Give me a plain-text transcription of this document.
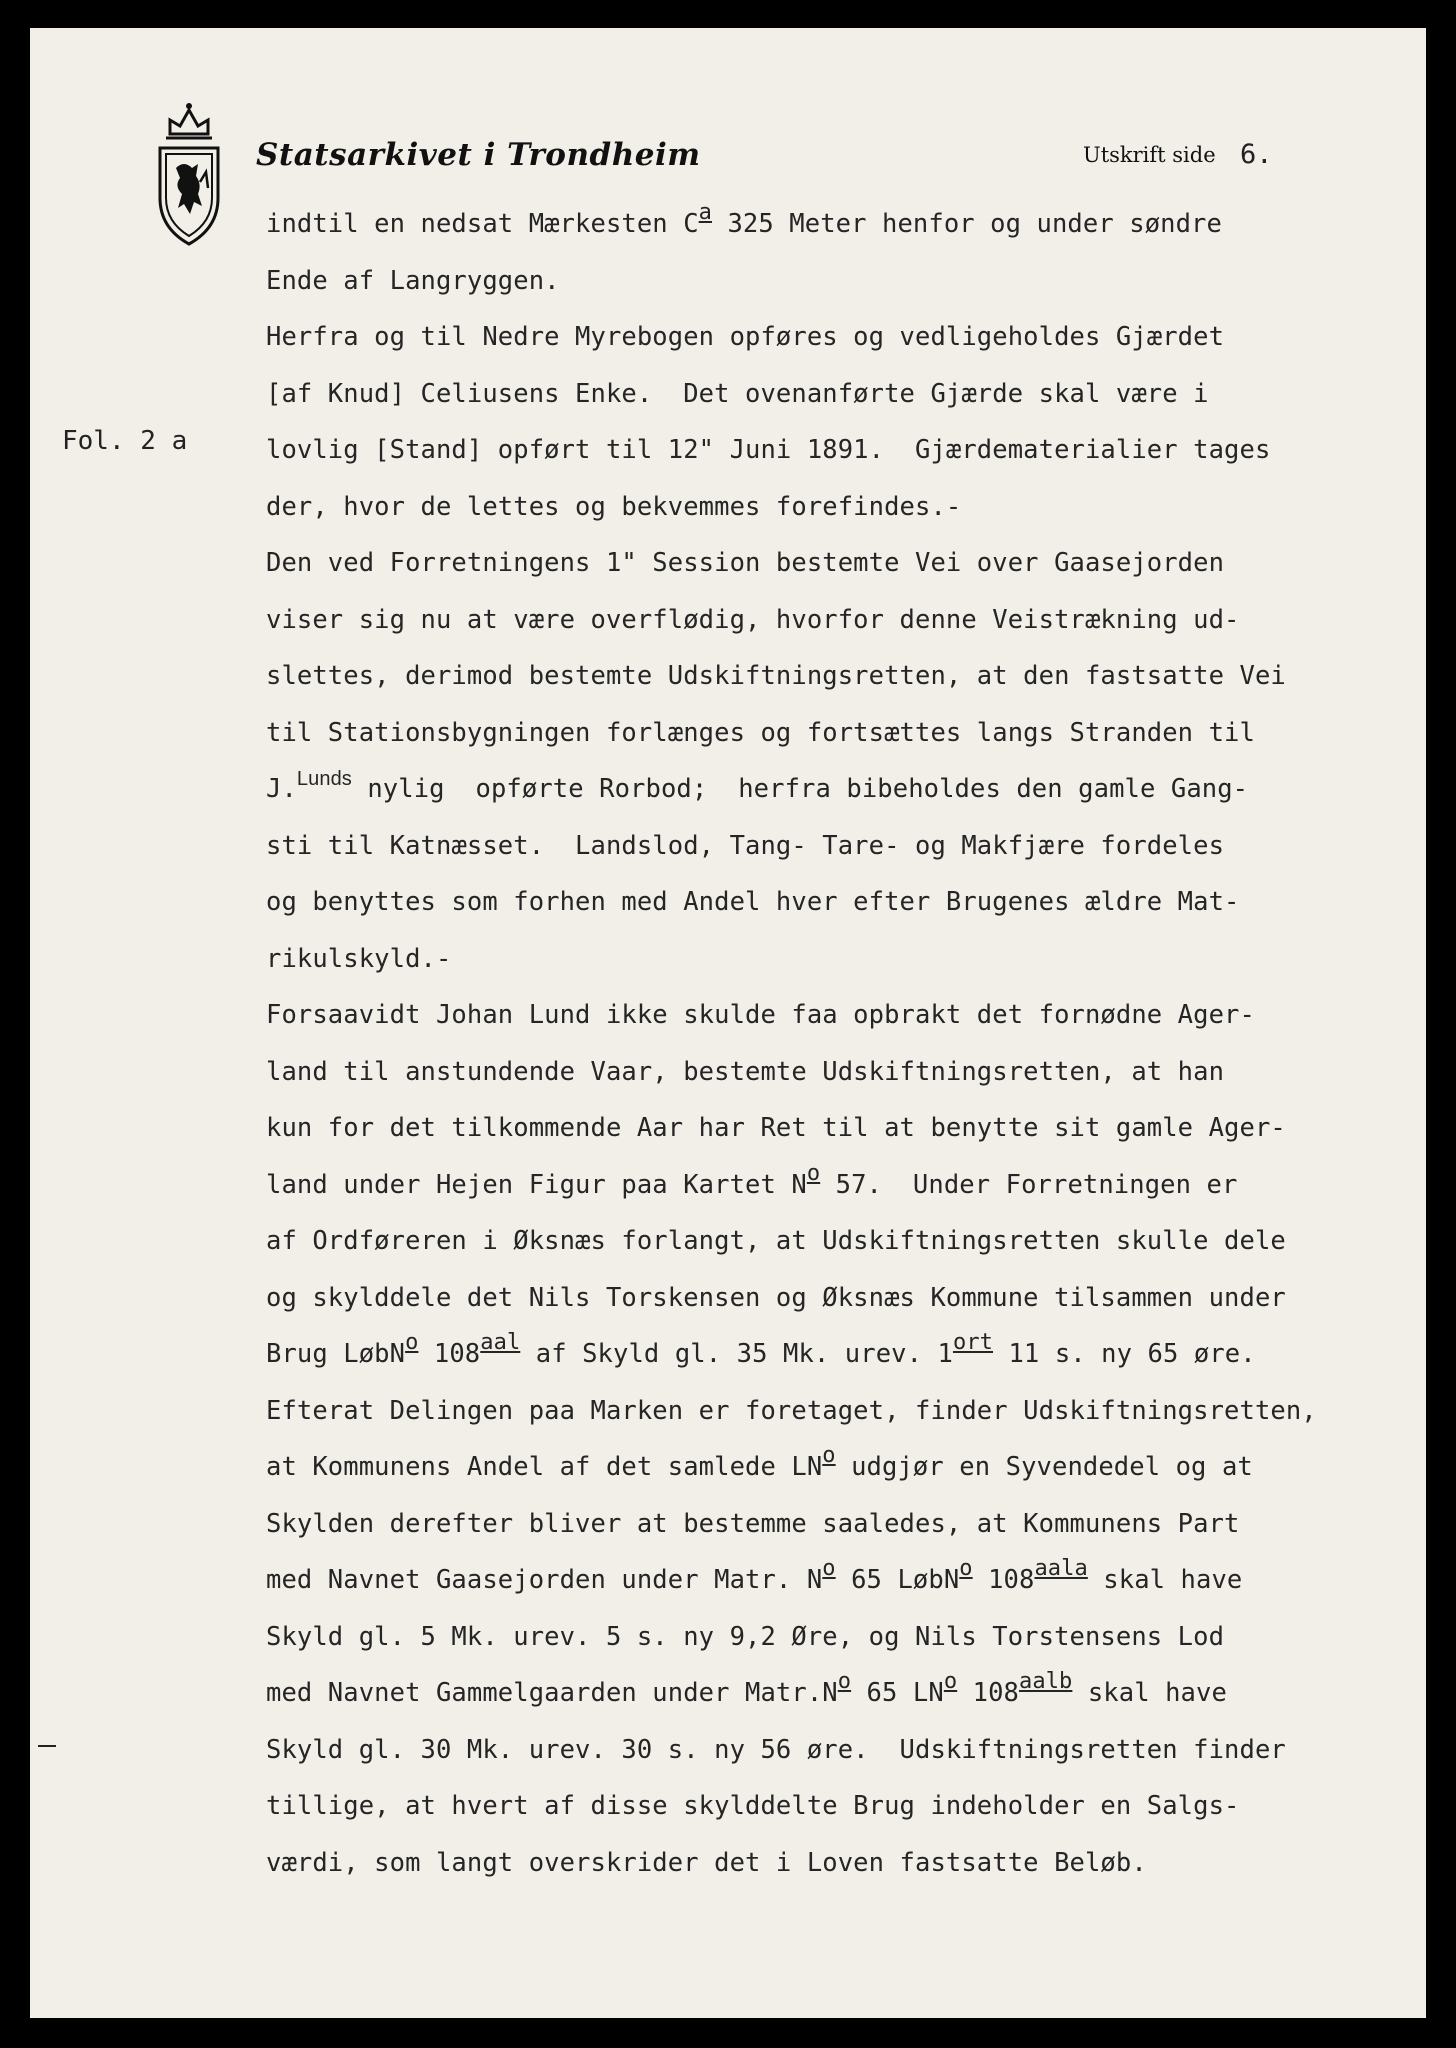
Statsarkivet i Trondheim	Utskrift side 6.
Fol. 2 a
indtil en nedsat Mærkesten Ca 325 Meter henfor og under søndre
Ende af Langryggen.
Herfra og til Nedre Myrebogen opføres og vedligeholdes Gjærdet
[af Knud] Celiusens Enke.  Det ovenanførte Gjærde skal være i
lovlig [Stand] opført til 12" Juni 1891.  Gjærdematerialier tages
der, hvor de lettes og bekvemmes forefindes.-
Den ved Forretningens 1" Session bestemte Vei over Gaasejorden
viser sig nu at være overflødig, hvorfor denne Veistrækning ud-
slettes, derimod bestemte Udskiftningsretten, at den fastsatte Vei
til Stationsbygningen forlænges og fortsættes langs Stranden til
J.$^{Lunds}$ nylig  opførte Rorbod;  herfra bibeholdes den gamle Gang-
sti til Katnæsset.  Landslod, Tang- Tare- og Makfjære fordeles
og benyttes som forhen med Andel hver efter Brugenes ældre Mat-
rikulskyld.-
Forsaavidt Johan Lund ikke skulde faa opbrakt det fornødne Ager-
land til anstundende Vaar, bestemte Udskiftningsretten, at han
kun for det tilkommende Aar har Ret til at benytte sit gamle Ager-
land under Hejen Figur paa Kartet No 57.  Under Forretningen er
af Ordføreren i Øksnæs forlangt, at Udskiftningsretten skulle dele
og skylddele det Nils Torskensen og Øksnæs Kommune tilsammen under
Brug LøbNo 108aal af Skyld gl. 35 Mk. urev. 1ort 11 s. ny 65 øre.
Efterat Delingen paa Marken er foretaget, finder Udskiftningsretten,
at Kommunens Andel af det samlede LNo udgjør en Syvendedel og at
Skylden derefter bliver at bestemme saaledes, at Kommunens Part
med Navnet Gaasejorden under Matr. No 65 LøbNo 108aala skal have
Skyld gl. 5 Mk. urev. 5 s. ny 9,2 Øre, og Nils Torstensens Lod
med Navnet Gammelgaarden under Matr.No 65 LNo 108aalb skal have
Skyld gl. 30 Mk. urev. 30 s. ny 56 øre.  Udskiftningsretten finder
tillige, at hvert af disse skylddelte Brug indeholder en Salgs-
værdi, som langt overskrider det i Loven fastsatte Beløb.
